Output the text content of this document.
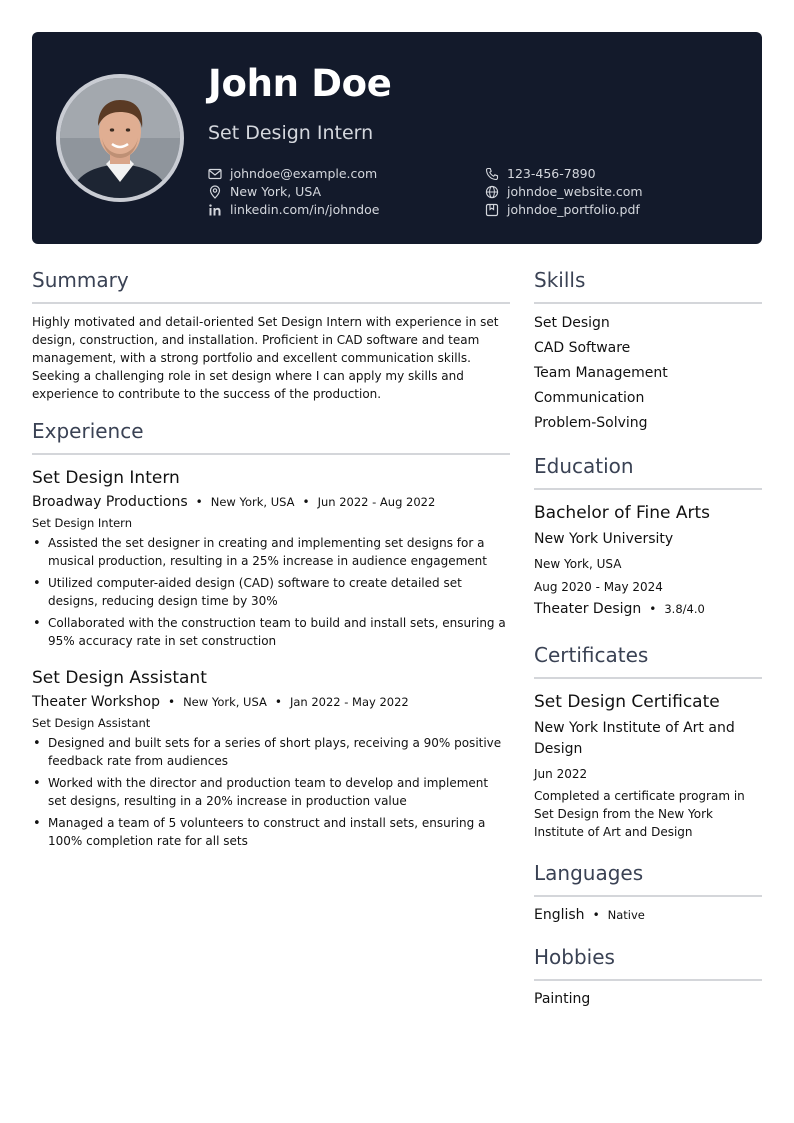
John Doe
Set Design Intern
johndoe@example.com	123-456-7890
New York, USA	johndoe_website.com
linkedin.com/in/johndoe	johndoe_portfolio.pdf
Summary

Highly motivated and detail-oriented Set Design Intern with experience in set design, construction, and installation. Proficient in CAD software and team management, with a strong portfolio and excellent communication skills. Seeking a challenging role in set design where I can apply my skills and experience to contribute to the success of the production.

Experience
Set Design Intern
Broadway Productions • New York, USA • Jun 2022 - Aug 2022
Set Design Intern
• Assisted the set designer in creating and implementing set designs for a musical production, resulting in a 25% increase in audience engagement
• Utilized computer-aided design (CAD) software to create detailed set designs, reducing design time by 30%
• Collaborated with the construction team to build and install sets, ensuring a 95% accuracy rate in set construction
Set Design Assistant
Theater Workshop • New York, USA • Jan 2022 - May 2022
Set Design Assistant
• Designed and built sets for a series of short plays, receiving a 90% positive feedback rate from audiences
• Worked with the director and production team to develop and implement set designs, resulting in a 20% increase in production value
• Managed a team of 5 volunteers to construct and install sets, ensuring a 100% completion rate for all sets
Skills
Set Design
CAD Software
Team Management
Communication
Problem-Solving
Education
Bachelor of Fine Arts
New York University
New York, USA
Aug 2020 - May 2024
Theater Design • 3.8/4.0
Certificates
Set Design Certificate
New York Institute of Art and Design
Jun 2022
Completed a certificate program in Set Design from the New York Institute of Art and Design
Languages
English • Native
Hobbies
Painting
